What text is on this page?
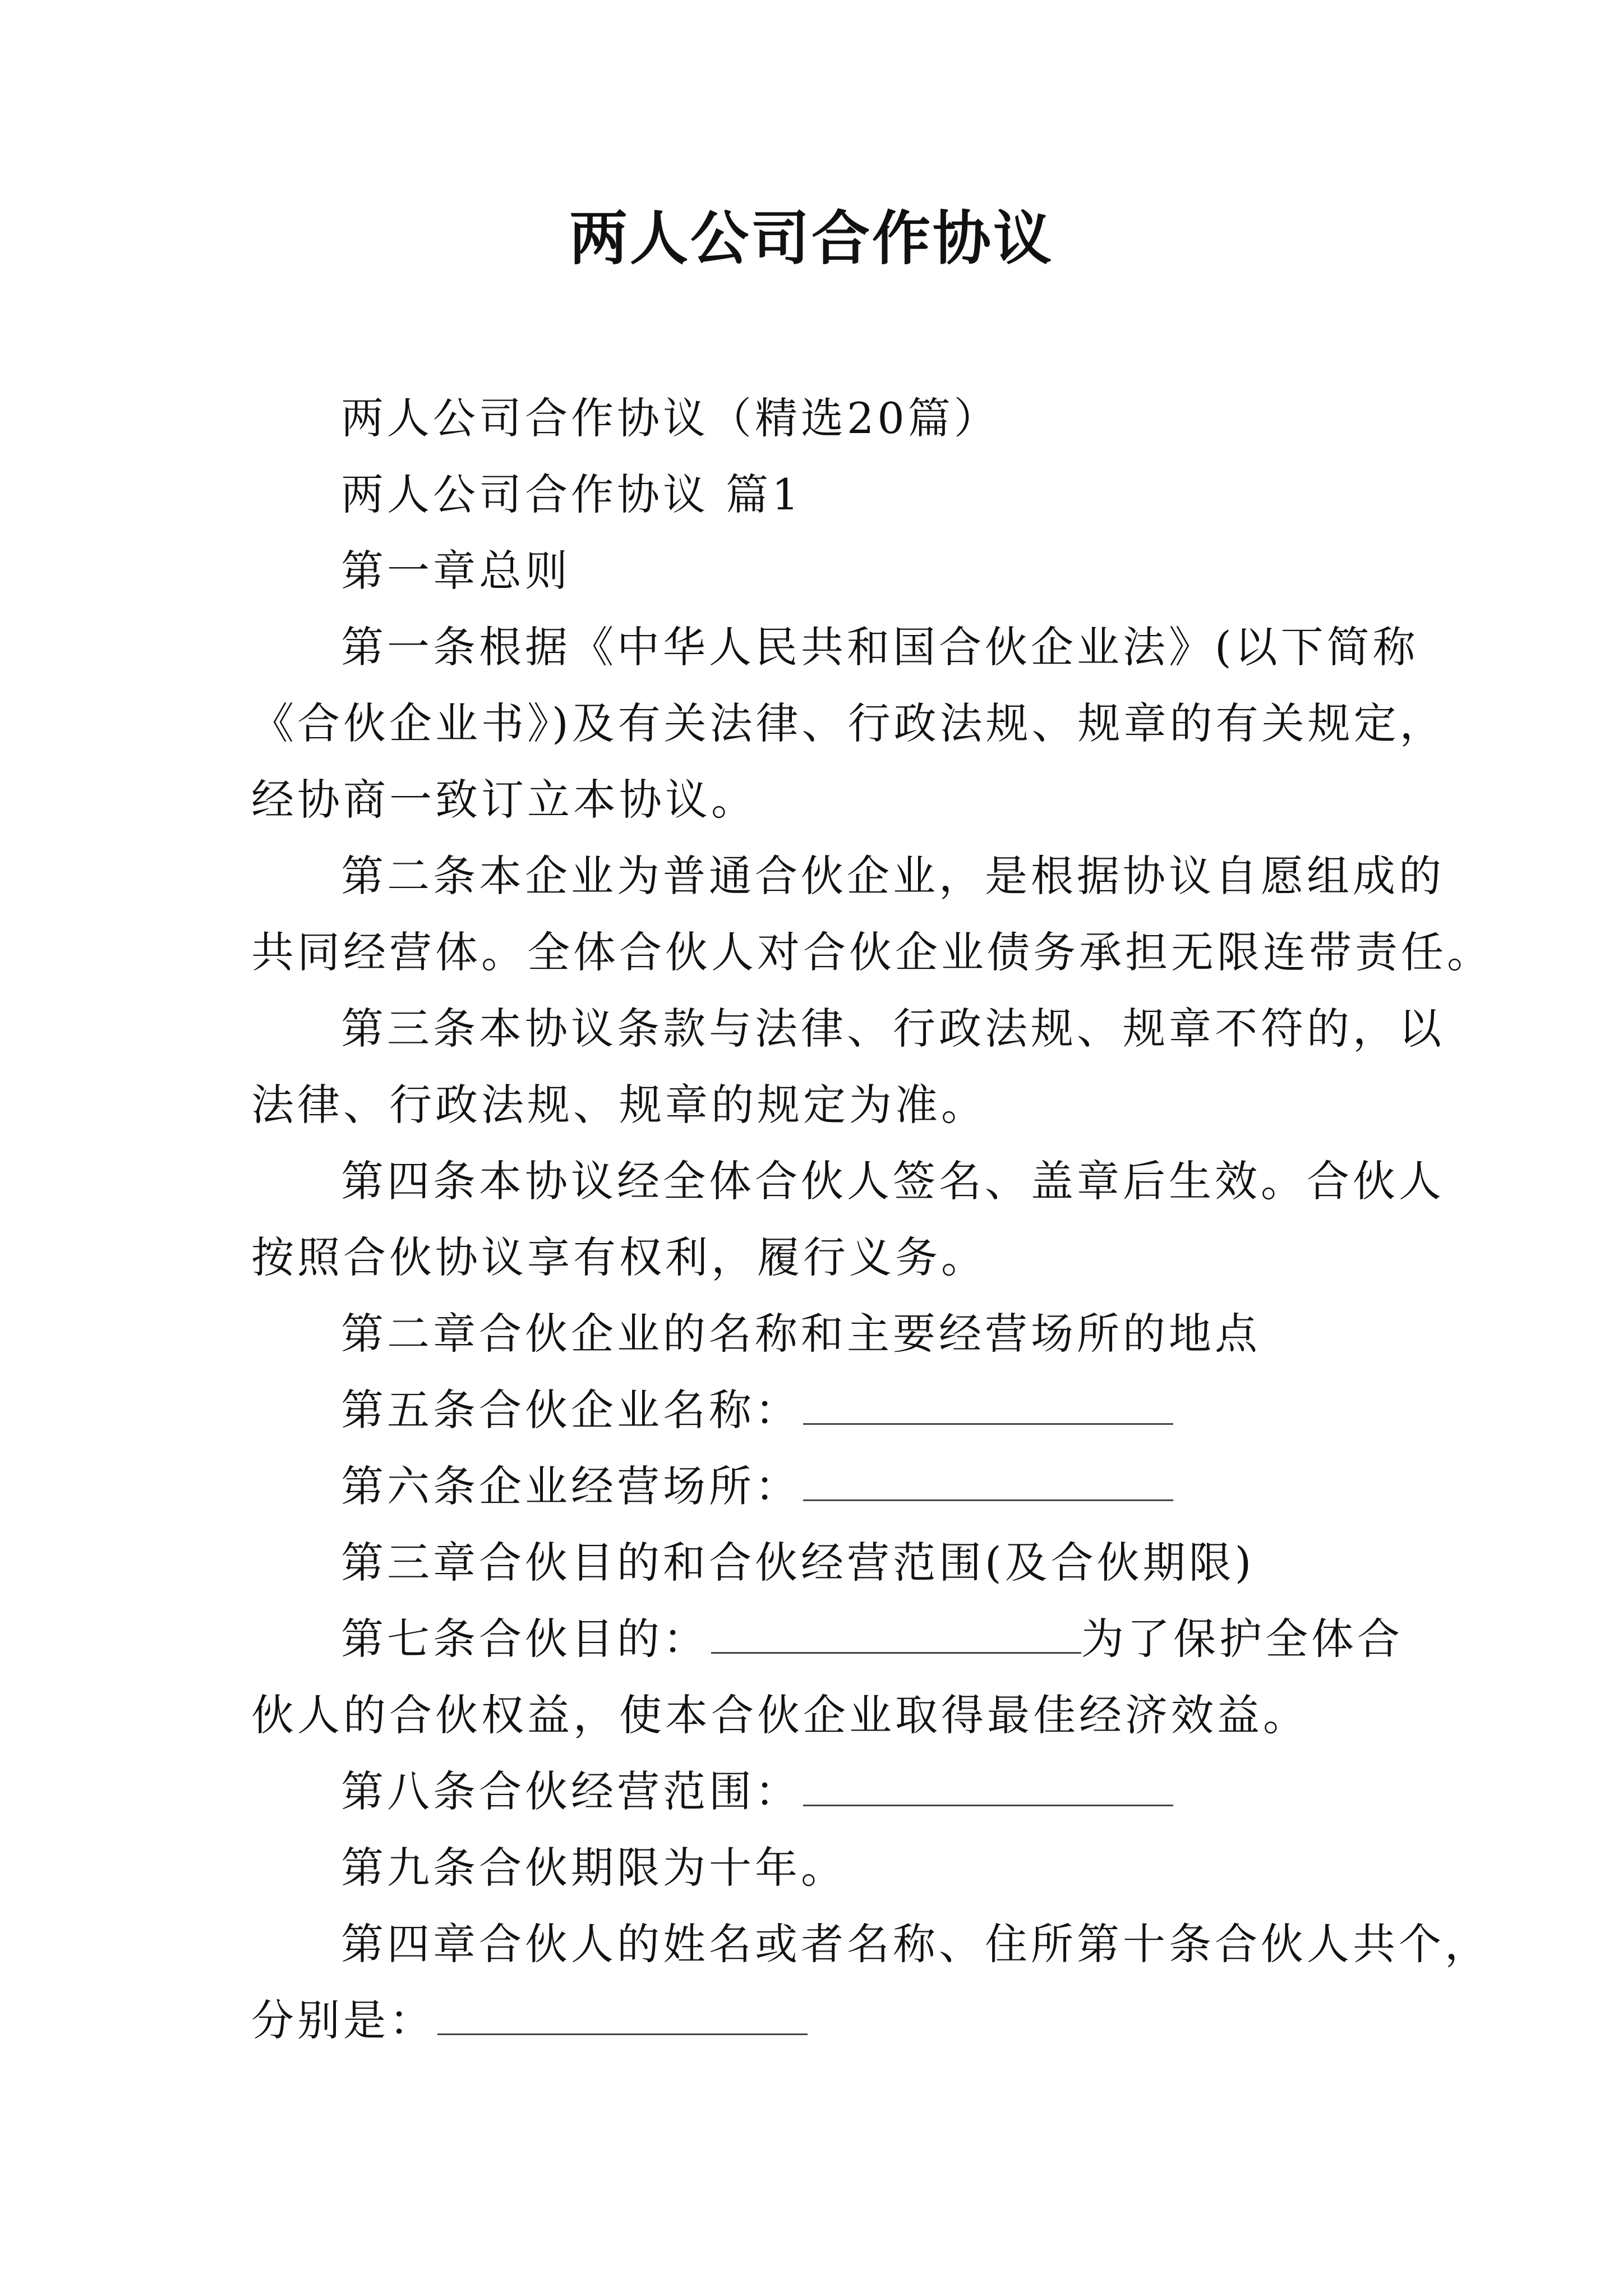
两人公司合作协议
两人公司合作协议（精选20篇）
两人公司合作协议 篇1
第一章总则
第一条根据《中华人民共和国合伙企业法》(以下简称
《合伙企业书》)及有关法律、行政法规、规章的有关规定，
经协商一致订立本协议。
第二条本企业为普通合伙企业，是根据协议自愿组成的
共同经营体。全体合伙人对合伙企业债务承担无限连带责任。
第三条本协议条款与法律、行政法规、规章不符的，以
法律、行政法规、规章的规定为准。
第四条本协议经全体合伙人签名、盖章后生效。合伙人
按照合伙协议享有权利，履行义务。
第二章合伙企业的名称和主要经营场所的地点
第五条合伙企业名称：
第六条企业经营场所：
第三章合伙目的和合伙经营范围(及合伙期限)
第七条合伙目的：	为了保护全体合
伙人的合伙权益，使本合伙企业取得最佳经济效益。
第八条合伙经营范围：
第九条合伙期限为十年。
第四章合伙人的姓名或者名称、住所第十条合伙人共个，
分别是：
